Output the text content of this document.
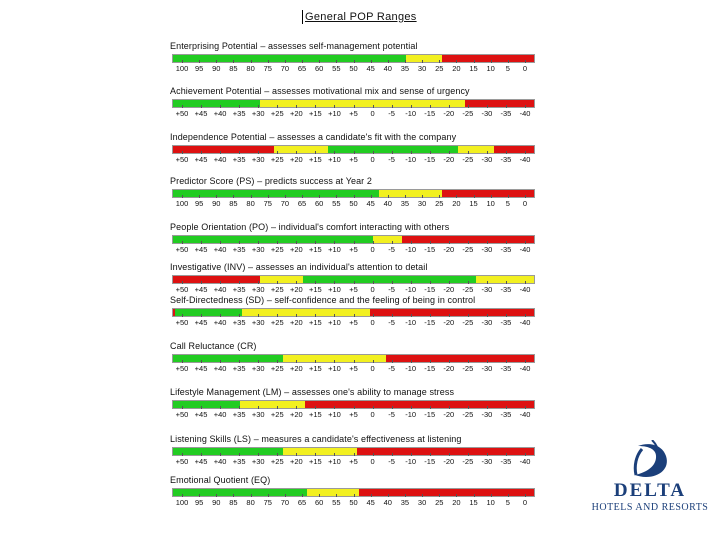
General POP Ranges
Enterprising Potential – assesses self-management potential
100 95 90 85 80 75 70 65 60 55 50 45 40 35 30 25 20 15 10 5 0
Achievement Potential – assesses motivational mix and sense of urgency
+50 +45 +40 +35 +30 +25 +20 +15 +10 +5 0 -5 -10 -15 -20 -25 -30 -35 -40
Independence Potential – assesses a candidate's fit with the company
+50 +45 +40 +35 +30 +25 +20 +15 +10 +5 0 -5 -10 -15 -20 -25 -30 -35 -40
Predictor Score (PS) – predicts success at Year 2
100 95 90 85 80 75 70 65 60 55 50 45 40 35 30 25 20 15 10 5 0
People Orientation (PO) – individual's comfort interacting with others
+50 +45 +40 +35 +30 +25 +20 +15 +10 +5 0 -5 -10 -15 -20 -25 -30 -35 -40
Investigative (INV) – assesses an individual's attention to detail
+50 +45 +40 +35 +30 +25 +20 +15 +10 +5 0 -5 -10 -15 -20 -25 -30 -35 -40
Self-Directedness (SD) – self-confidence and the feeling of being in control
+50 +45 +40 +35 +30 +25 +20 +15 +10 +5 0 -5 -10 -15 -20 -25 -30 -35 -40
Call Reluctance (CR)
+50 +45 +40 +35 +30 +25 +20 +15 +10 +5 0 -5 -10 -15 -20 -25 -30 -35 -40
Lifestyle Management (LM) – assesses one's ability to manage stress
+50 +45 +40 +35 +30 +25 +20 +15 +10 +5 0 -5 -10 -15 -20 -25 -30 -35 -40
Listening Skills (LS) – measures a candidate's effectiveness at listening
+50 +45 +40 +35 +30 +25 +20 +15 +10 +5 0 -5 -10 -15 -20 -25 -30 -35 -40
Emotional Quotient (EQ)
100 95 90 85 80 75 70 65 60 55 50 45 40 35 30 25 20 15 10 5 0
DELTA
HOTELS AND RESORTS
